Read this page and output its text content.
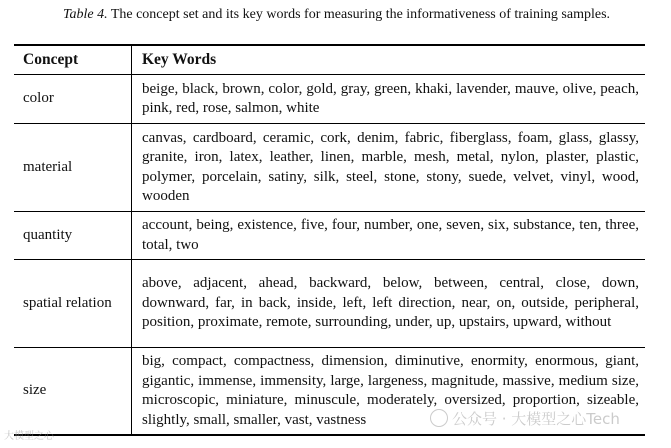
Table 4. The concept set and its key words for measuring the informativeness of training samples.
Concept	Key Words
color
beige, black, brown, color, gold, gray, green, khaki, lavender, mauve, olive, peach, pink, red, rose, salmon, white
material
canvas, cardboard, ceramic, cork, denim, fabric, fiberglass, foam, glass, glassy, granite, iron, latex, leather, linen, marble, mesh, metal, nylon, plaster, plastic, polymer, porcelain, satiny, silk, steel, stone, stony, suede, velvet, vinyl, wood, wooden
quantity
account, being, existence, five, four, number, one, seven, six, substance, ten, three, total, two
spatial relation
above, adjacent, ahead, backward, below, between, central, close, down, downward, far, in back, inside, left, left direction, near, on, outside, peripheral, position, proximate, remote, surrounding, under, up, upstairs, upward, without
size
big, compact, compactness, dimension, diminutive, enormity, enormous, giant, gigantic, immense, immensity, large, largeness, magnitude, massive, medium size, microscopic, miniature, minuscule, moderately, oversized, proportion, sizeable, slightly, small, smaller, vast, vastness
大模型之心
公众号 · 大模型之心Tech
